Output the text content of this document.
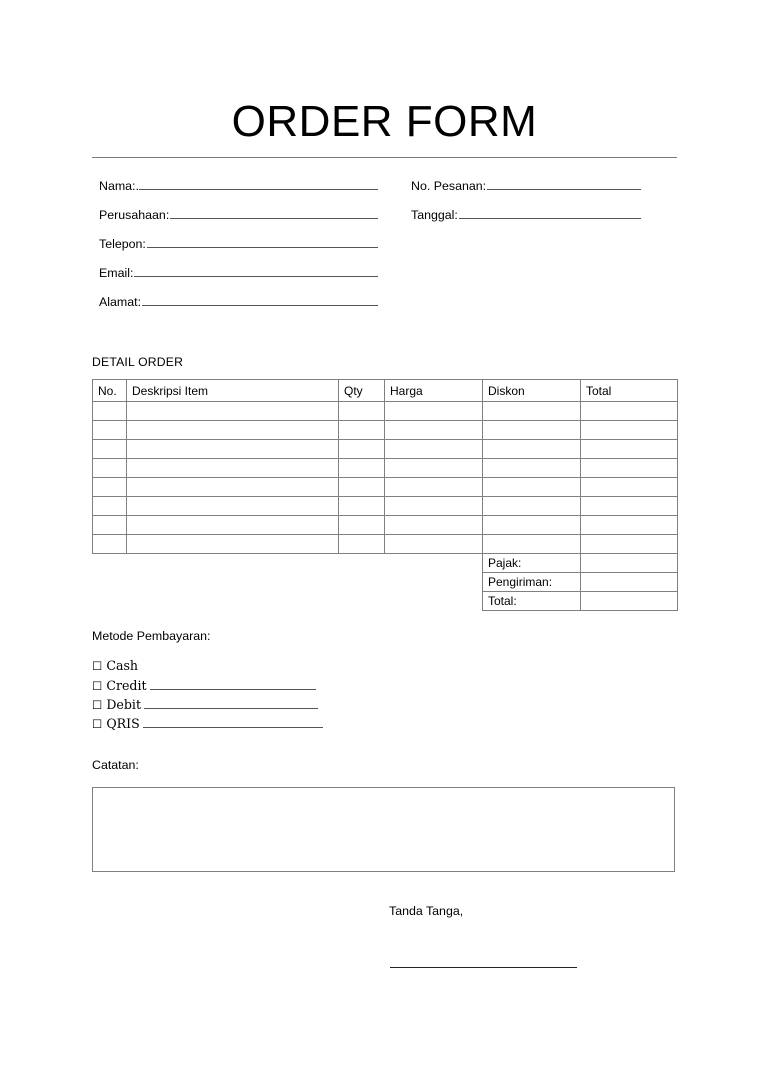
ORDER FORM
Nama:.
Perusahaan:
Telepon:
Email:
Alamat:
No. Pesanan:
Tanggal:
DETAIL ORDER
No.	Deskripsi Item	Qty	Harga	Diskon	Total

				Pajak:	
				Pengiriman:	
				Total:	
Metode Pembayaran:
☐ Cash
☐ Credit
☐ Debit
☐ QRIS
Catatan:
Tanda Tanga,
